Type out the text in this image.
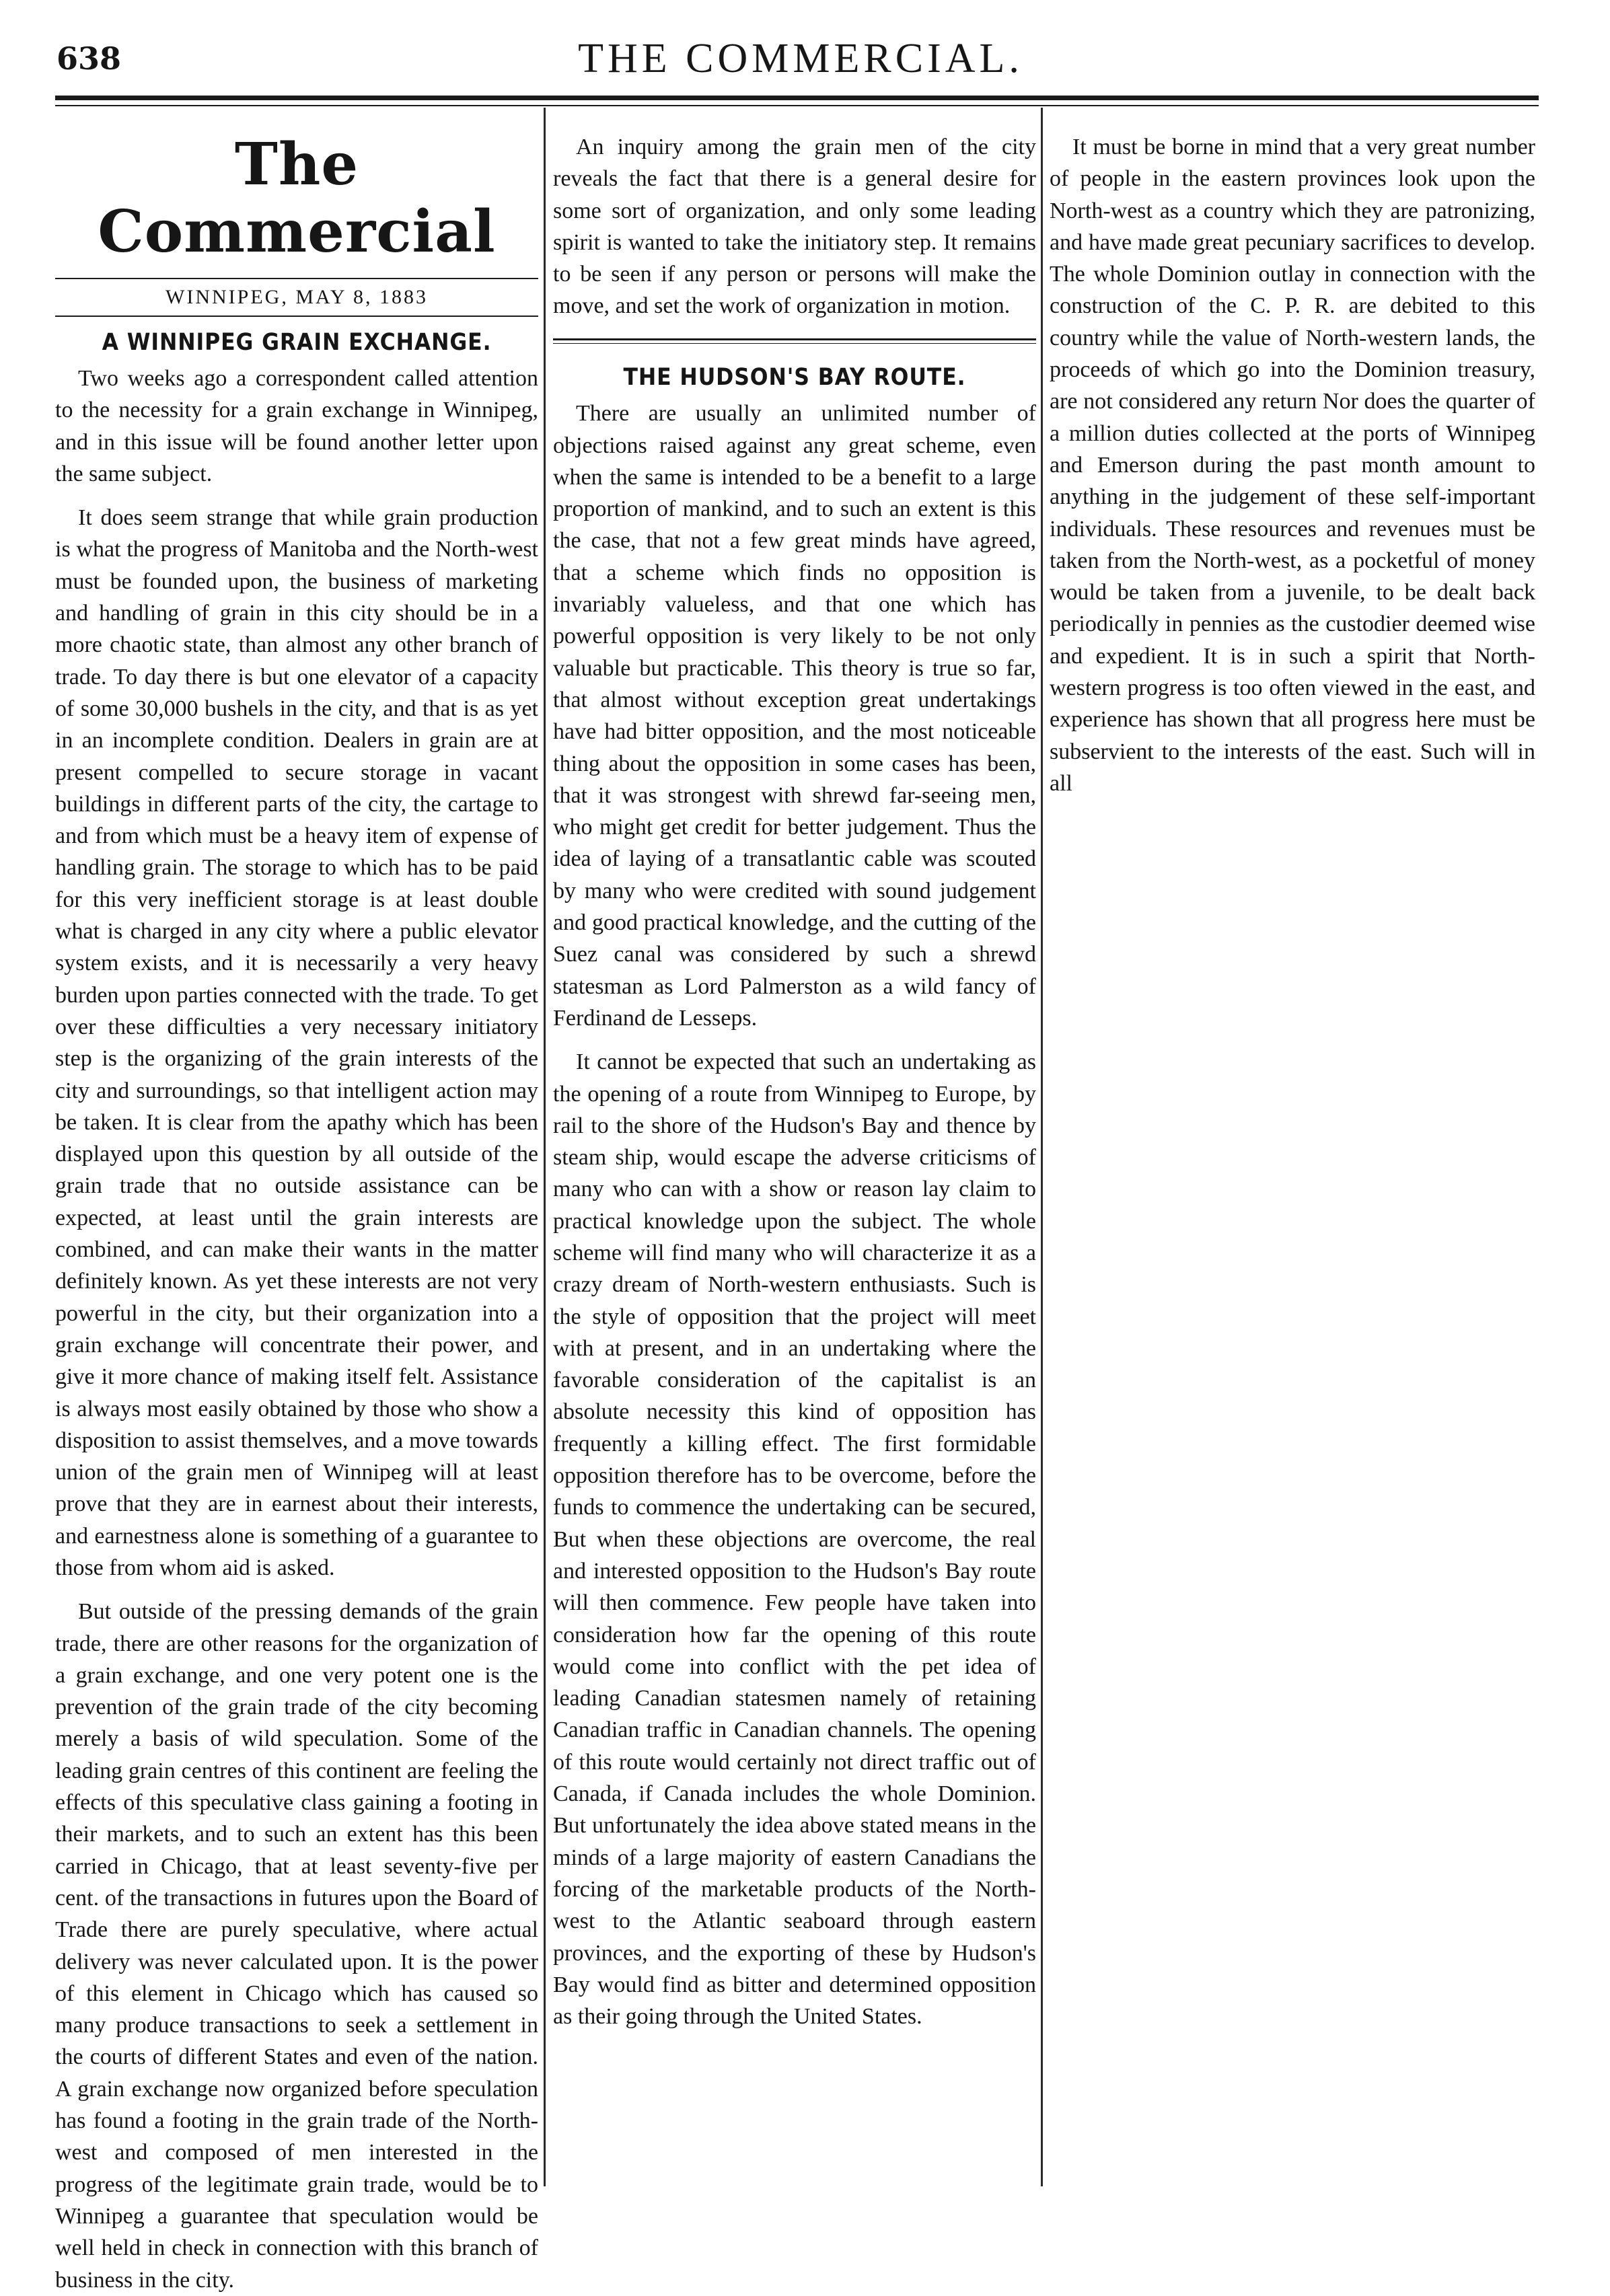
638	THE COMMERCIAL.
The Commercial
WINNIPEG, MAY 8, 1883
A WINNIPEG GRAIN EXCHANGE.

Two weeks ago a correspondent called attention to the necessity for a grain exchange in Winnipeg, and in this issue will be found another letter upon the same subject.

It does seem strange that while grain production is what the progress of Manitoba and the North-west must be founded upon, the business of marketing and handling of grain in this city should be in a more chaotic state, than almost any other branch of trade. To day there is but one elevator of a capacity of some 30,000 bushels in the city, and that is as yet in an incomplete condition. Dealers in grain are at present compelled to secure storage in vacant buildings in different parts of the city, the cartage to and from which must be a heavy item of expense of handling grain. The storage to which has to be paid for this very inefficient storage is at least double what is charged in any city where a public elevator system exists, and it is necessarily a very heavy burden upon parties connected with the trade. To get over these difficulties a very necessary initiatory step is the organizing of the grain interests of the city and surroundings, so that intelligent action may be taken. It is clear from the apathy which has been displayed upon this question by all outside of the grain trade that no outside assistance can be expected, at least until the grain interests are combined, and can make their wants in the matter definitely known. As yet these interests are not very powerful in the city, but their organization into a grain exchange will concentrate their power, and give it more chance of making itself felt. Assistance is always most easily obtained by those who show a disposition to assist themselves, and a move towards union of the grain men of Winnipeg will at least prove that they are in earnest about their interests, and earnestness alone is something of a guarantee to those from whom aid is asked.

But outside of the pressing demands of the grain trade, there are other reasons for the organization of a grain exchange, and one very potent one is the prevention of the grain trade of the city becoming merely a basis of wild speculation. Some of the leading grain centres of this continent are feeling the effects of this speculative class gaining a footing in their markets, and to such an extent has this been carried in Chicago, that at least seventy-five per cent. of the transactions in futures upon the Board of Trade there are purely speculative, where actual delivery was never calculated upon. It is the power of this element in Chicago which has caused so many produce transactions to seek a settlement in the courts of different States and even of the nation. A grain exchange now organized before speculation has found a footing in the grain trade of the North-west and composed of men interested in the progress of the legitimate grain trade, would be to Winnipeg a guarantee that speculation would be well held in check in connection with this branch of business in the city.

An inquiry among the grain men of the city reveals the fact that there is a general desire for some sort of organization, and only some leading spirit is wanted to take the initiatory step. It remains to be seen if any person or persons will make the move, and set the work of organization in motion.

THE HUDSON'S BAY ROUTE.

There are usually an unlimited number of objections raised against any great scheme, even when the same is intended to be a benefit to a large proportion of mankind, and to such an extent is this the case, that not a few great minds have agreed, that a scheme which finds no opposition is invariably valueless, and that one which has powerful opposition is very likely to be not only valuable but practicable. This theory is true so far, that almost without exception great undertakings have had bitter opposition, and the most noticeable thing about the opposition in some cases has been, that it was strongest with shrewd far-seeing men, who might get credit for better judgement. Thus the idea of laying of a transatlantic cable was scouted by many who were credited with sound judgement and good practical knowledge, and the cutting of the Suez canal was considered by such a shrewd statesman as Lord Palmerston as a wild fancy of Ferdinand de Lesseps.

It cannot be expected that such an undertaking as the opening of a route from Winnipeg to Europe, by rail to the shore of the Hudson's Bay and thence by steam ship, would escape the adverse criticisms of many who can with a show or reason lay claim to practical knowledge upon the subject. The whole scheme will find many who will characterize it as a crazy dream of North-western enthusiasts. Such is the style of opposition that the project will meet with at present, and in an undertaking where the favorable consideration of the capitalist is an absolute necessity this kind of opposition has frequently a killing effect. The first formidable opposition therefore has to be overcome, before the funds to commence the undertaking can be secured, But when these objections are overcome, the real and interested opposition to the Hudson's Bay route will then commence. Few people have taken into consideration how far the opening of this route would come into conflict with the pet idea of leading Canadian statesmen namely of retaining Canadian traffic in Canadian channels. The opening of this route would certainly not direct traffic out of Canada, if Canada includes the whole Dominion. But unfortunately the idea above stated means in the minds of a large majority of eastern Canadians the forcing of the marketable products of the North-west to the Atlantic seaboard through eastern provinces, and the exporting of these by Hudson's Bay would find as bitter and determined opposition as their going through the United States.

It must be borne in mind that a very great number of people in the eastern provinces look upon the North-west as a country which they are patronizing, and have made great pecuniary sacrifices to develop. The whole Dominion outlay in connection with the construction of the C. P. R. are debited to this country while the value of North-western lands, the proceeds of which go into the Dominion treasury, are not considered any return Nor does the quarter of a million duties collected at the ports of Winnipeg and Emerson during the past month amount to anything in the judgement of these self-important individuals. These resources and revenues must be taken from the North-west, as a pocketful of money would be taken from a juvenile, to be dealt back periodically in pennies as the custodier deemed wise and expedient. It is in such a spirit that North-western progress is too often viewed in the east, and experience has shown that all progress here must be subservient to the interests of the east. Such will in all
